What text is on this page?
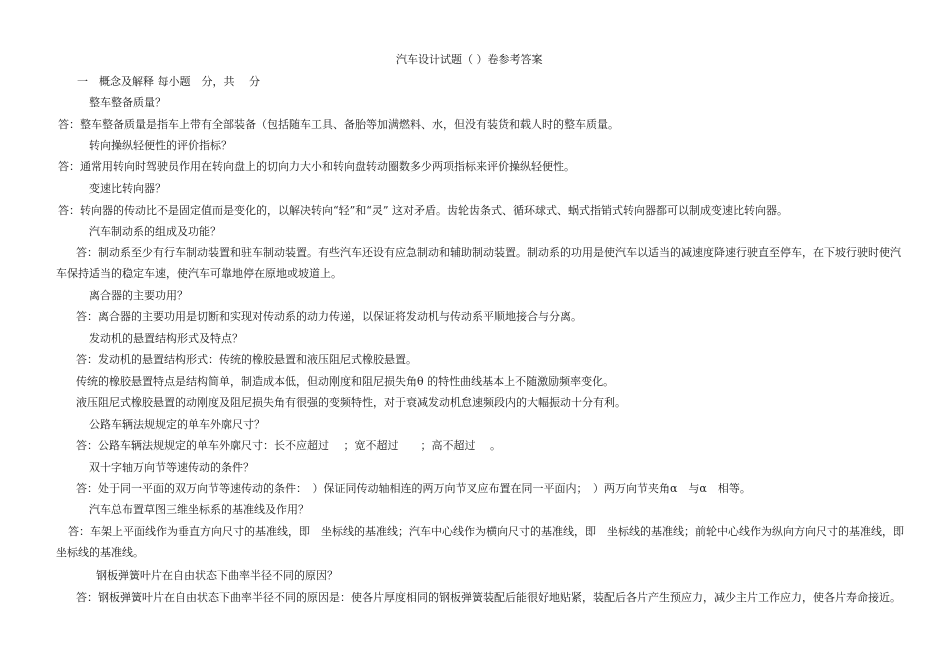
汽车设计试题（ ）卷参考答案
一　概念及解释 每小题　分，共　 分
整车整备质量？
答：整车整备质量是指车上带有全部装备（包括随车工具、备胎等加满燃料、水，但没有装货和载人时的整车质量。
转向操纵轻便性的评价指标？
答：通常用转向时驾驶员作用在转向盘上的切向力大小和转向盘转动圈数多少两项指标来评价操纵轻便性。
变速比转向器？
答：转向器的传动比不是固定值而是变化的，以解决转向“轻”和“灵” 这对矛盾。齿轮齿条式、循环球式、蜗式指销式转向器都可以制成变速比转向器。
汽车制动系的组成及功能？
答：制动系至少有行车制动装置和驻车制动装置。有些汽车还设有应急制动和辅助制动装置。制动系的功用是使汽车以适当的减速度降速行驶直至停车，在下坡行驶时使汽
车保持适当的稳定车速，使汽车可靠地停在原地或坡道上。
离合器的主要功用？
答：离合器的主要功用是切断和实现对传动系的动力传递，以保证将发动机与传动系平顺地接合与分离。
发动机的悬置结构形式及特点？
答：发动机的悬置结构形式：传统的橡胶悬置和液压阻尼式橡胶悬置。
传统的橡胶悬置特点是结构简单，制造成本低，但动刚度和阻尼损失角θ 的特性曲线基本上不随激励频率变化。
液压阻尼式橡胶悬置的动刚度及阻尼损失角有很强的变频特性，对于衰减发动机怠速频段内的大幅振动十分有利。
公路车辆法规规定的单车外廓尺寸？
答：公路车辆法规规定的单车外廓尺寸：长不应超过　 ；宽不超过　　；高不超过　 。
双十字轴万向节等速传动的条件？
答：处于同一平面的双万向节等速传动的条件：　）保证同传动轴相连的两万向节叉应布置在同一平面内；　）两万向节夹角α　与α　相等。
汽车总布置草图三维坐标系的基准线及作用？
答：车架上平面线作为垂直方向尺寸的基准线，即　坐标线的基准线；汽车中心线作为横向尺寸的基准线，即　坐标线的基准线；前轮中心线作为纵向方向尺寸的基准线，即
坐标线的基准线。
钢板弹簧叶片在自由状态下曲率半径不同的原因？
答：钢板弹簧叶片在自由状态下曲率半径不同的原因是：使各片厚度相同的钢板弹簧装配后能很好地贴紧，装配后各片产生预应力，减少主片工作应力，使各片寿命接近。
